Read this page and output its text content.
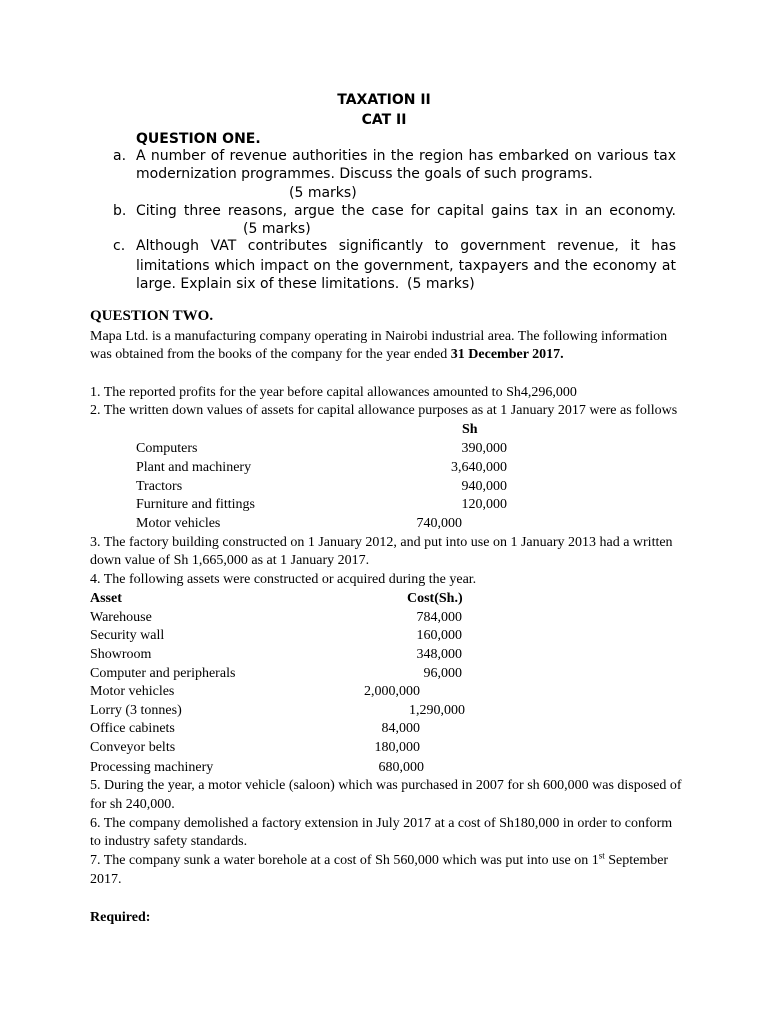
TAXATION II
CAT II
QUESTION ONE.
a. A number of revenue authorities in the region has embarked on various tax
modernization programmes. Discuss the goals of such programs.
(5 marks)
b. Citing three reasons, argue the case for capital gains tax in an economy.
(5 marks)
c. Although VAT contributes significantly to government revenue, it has
limitations which impact on the government, taxpayers and the economy at
large. Explain six of these limitations. (5 marks)
QUESTION TWO.
Mapa Ltd. is a manufacturing company operating in Nairobi industrial area. The following information
was obtained from the books of the company for the year ended 31 December 2017.
1. The reported profits for the year before capital allowances amounted to Sh4,296,000
2. The written down values of assets for capital allowance purposes as at 1 January 2017 were as follows
Sh
Computers	390,000
Plant and machinery	3,640,000
Tractors	940,000
Furniture and fittings	120,000
Motor vehicles	740,000
3. The factory building constructed on 1 January 2012, and put into use on 1 January 2013 had a written
down value of Sh 1,665,000 as at 1 January 2017.
4. The following assets were constructed or acquired during the year.
Asset	Cost(Sh.)
Warehouse	784,000
Security wall	160,000
Showroom	348,000
Computer and peripherals	96,000
Motor vehicles	2,000,000
Lorry (3 tonnes)	1,290,000
Office cabinets	84,000
Conveyor belts	180,000
Processing machinery	680,000
5. During the year, a motor vehicle (saloon) which was purchased in 2007 for sh 600,000 was disposed of
for sh 240,000.
6. The company demolished a factory extension in July 2017 at a cost of Sh180,000 in order to conform
to industry safety standards.
7. The company sunk a water borehole at a cost of Sh 560,000 which was put into use on 1st September
2017.
Required:
